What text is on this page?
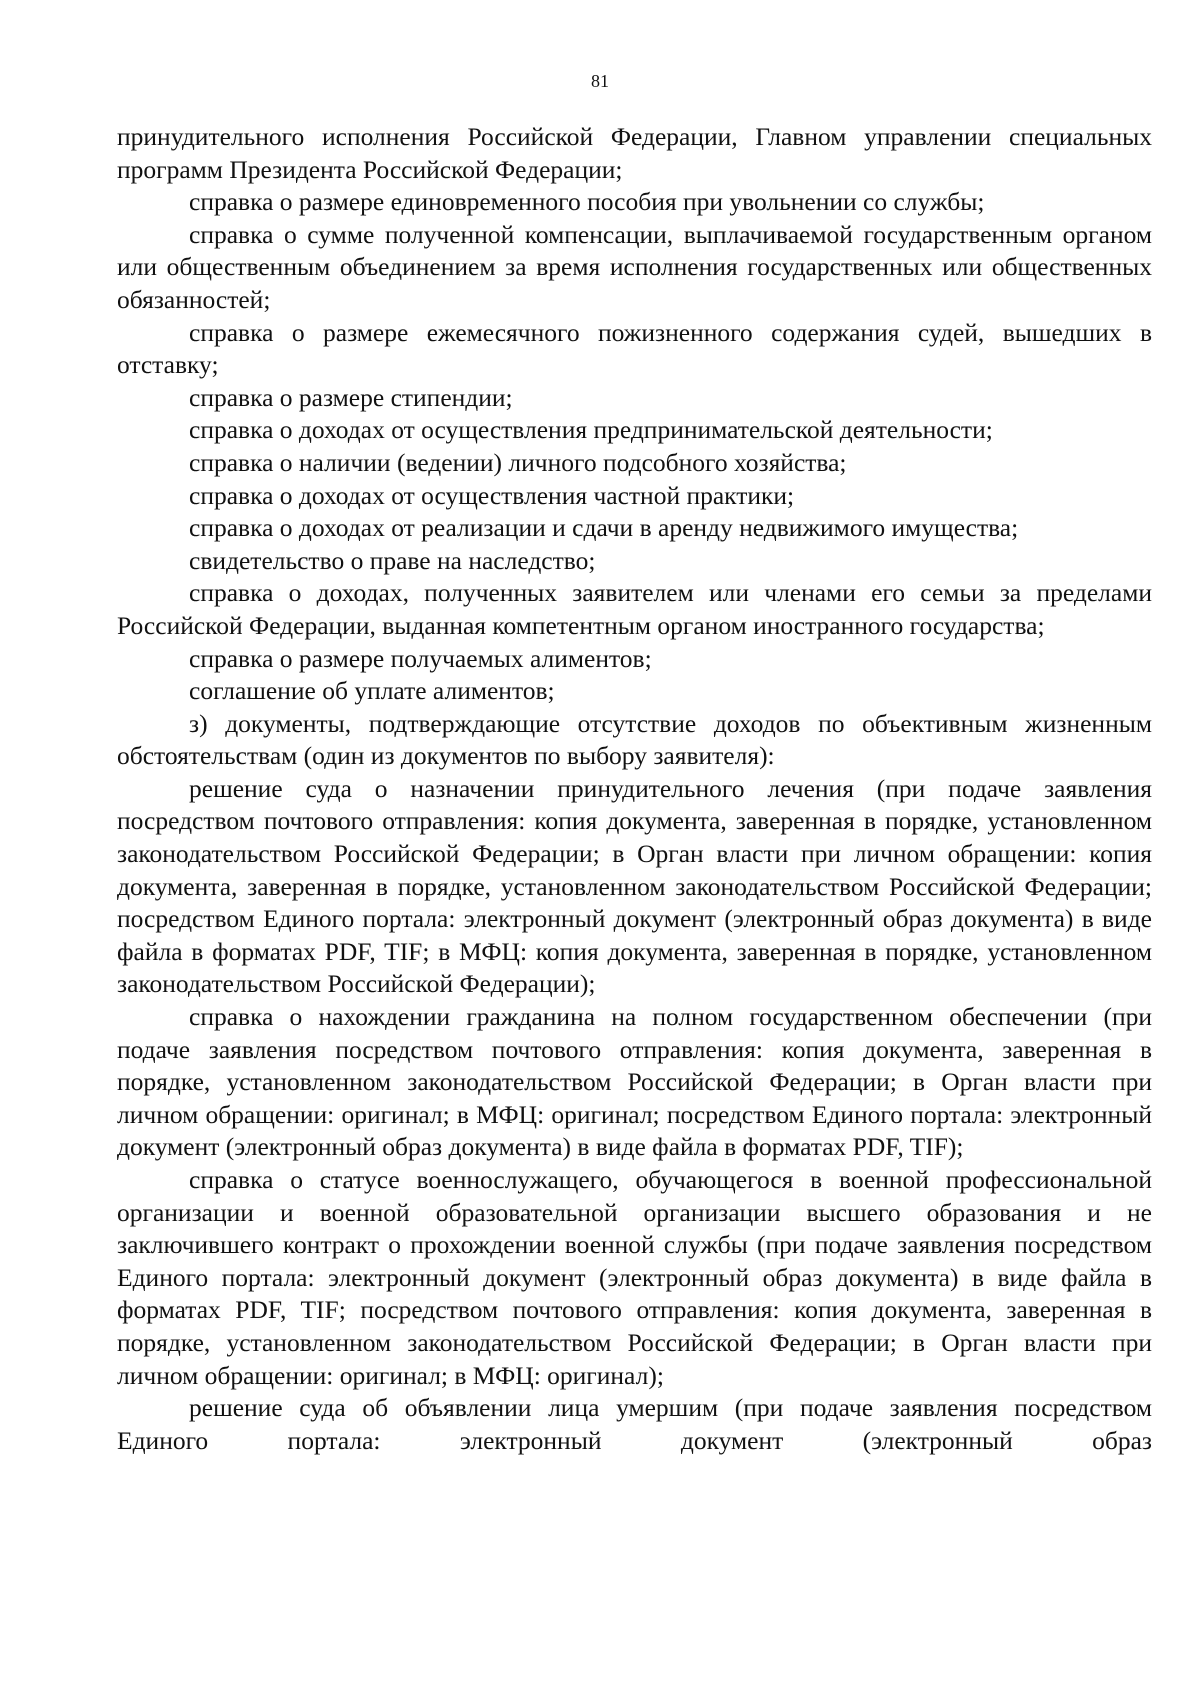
81

принудительного исполнения Российской Федерации, Главном управлении специальных программ Президента Российской Федерации;

справка о размере единовременного пособия при увольнении со службы;

справка о сумме полученной компенсации, выплачиваемой государственным органом или общественным объединением за время исполнения государственных или общественных обязанностей;

справка о размере ежемесячного пожизненного содержания судей, вышедших в отставку;

справка о размере стипендии;

справка о доходах от осуществления предпринимательской деятельности;

справка о наличии (ведении) личного подсобного хозяйства;

справка о доходах от осуществления частной практики;

справка о доходах от реализации и сдачи в аренду недвижимого имущества;

свидетельство о праве на наследство;

справка о доходах, полученных заявителем или членами его семьи за пределами Российской Федерации, выданная компетентным органом иностранного государства;

справка о размере получаемых алиментов;

соглашение об уплате алиментов;

з) документы, подтверждающие отсутствие доходов по объективным жизненным обстоятельствам (один из документов по выбору заявителя):

решение суда о назначении принудительного лечения (при подаче заявления посредством почтового отправления: копия документа, заверенная в порядке, установленном законодательством Российской Федерации; в Орган власти при личном обращении: копия документа, заверенная в порядке, установленном законодательством Российской Федерации; посредством Единого портала: электронный документ (электронный образ документа) в виде файла в форматах PDF, TIF; в МФЦ: копия документа, заверенная в порядке, установленном законодательством Российской Федерации);

справка о нахождении гражданина на полном государственном обеспечении (при подаче заявления посредством почтового отправления: копия документа, заверенная в порядке, установленном законодательством Российской Федерации; в Орган власти при личном обращении: оригинал; в МФЦ: оригинал; посредством Единого портала: электронный документ (электронный образ документа) в виде файла в форматах PDF, TIF);

справка о статусе военнослужащего, обучающегося в военной профессиональной организации и военной образовательной организации высшего образования и не заключившего контракт о прохождении военной службы (при подаче заявления посредством Единого портала: электронный документ (электронный образ документа) в виде файла в форматах PDF, TIF; посредством почтового отправления: копия документа, заверенная в порядке, установленном законодательством Российской Федерации; в Орган власти при личном обращении: оригинал; в МФЦ: оригинал);

решение суда об объявлении лица умершим (при подаче заявления посредством Единого портала: электронный документ (электронный образ
